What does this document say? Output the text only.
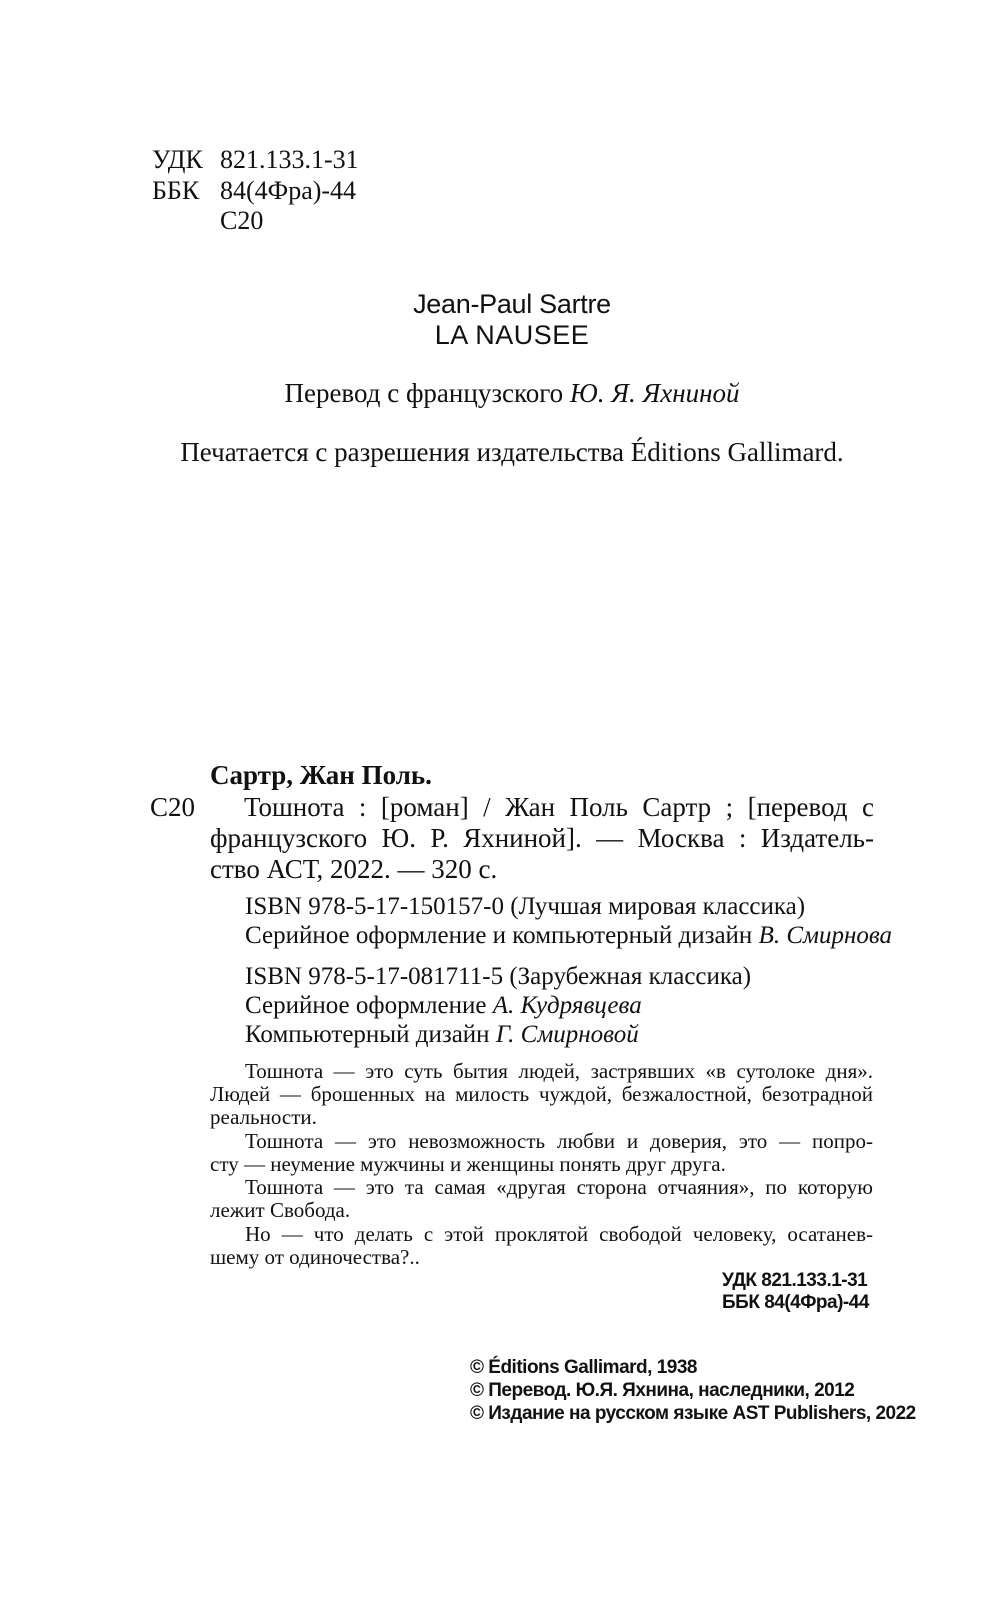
УДК 821.133.1-31
ББК 84(4Фра)-44
С20
Jean-Paul Sartre
LA NAUSEE
Перевод с французского Ю. Я. Яхниной
Печатается с разрешения издательства Éditions Gallimard.
Сартр, Жан Поль.
С20 Тошнота : [роман] / Жан Поль Сартр ; [перевод с
французского Ю. Р. Яхниной]. — Москва : Издатель-
ство АСТ, 2022. — 320 с.
ISBN 978-5-17-150157-0 (Лучшая мировая классика)
Серийное оформление и компьютерный дизайн В. Смирнова
ISBN 978-5-17-081711-5 (Зарубежная классика)
Серийное оформление А. Кудрявцева
Компьютерный дизайн Г. Смирновой
Тошнота — это суть бытия людей, застрявших «в сутолоке дня».
Людей — брошенных на милость чуждой, безжалостной, безотрадной
реальности.
Тошнота — это невозможность любви и доверия, это — попро-
сту — неумение мужчины и женщины понять друг друга.
Тошнота — это та самая «другая сторона отчаяния», по которую
лежит Свобода.
Но — что делать с этой проклятой свободой человеку, осатанев-
шему от одиночества?..
УДК 821.133.1-31
ББК 84(4Фра)-44
© Éditions Gallimard, 1938
© Перевод. Ю.Я. Яхнина, наследники, 2012
© Издание на русском языке AST Publishers, 2022
